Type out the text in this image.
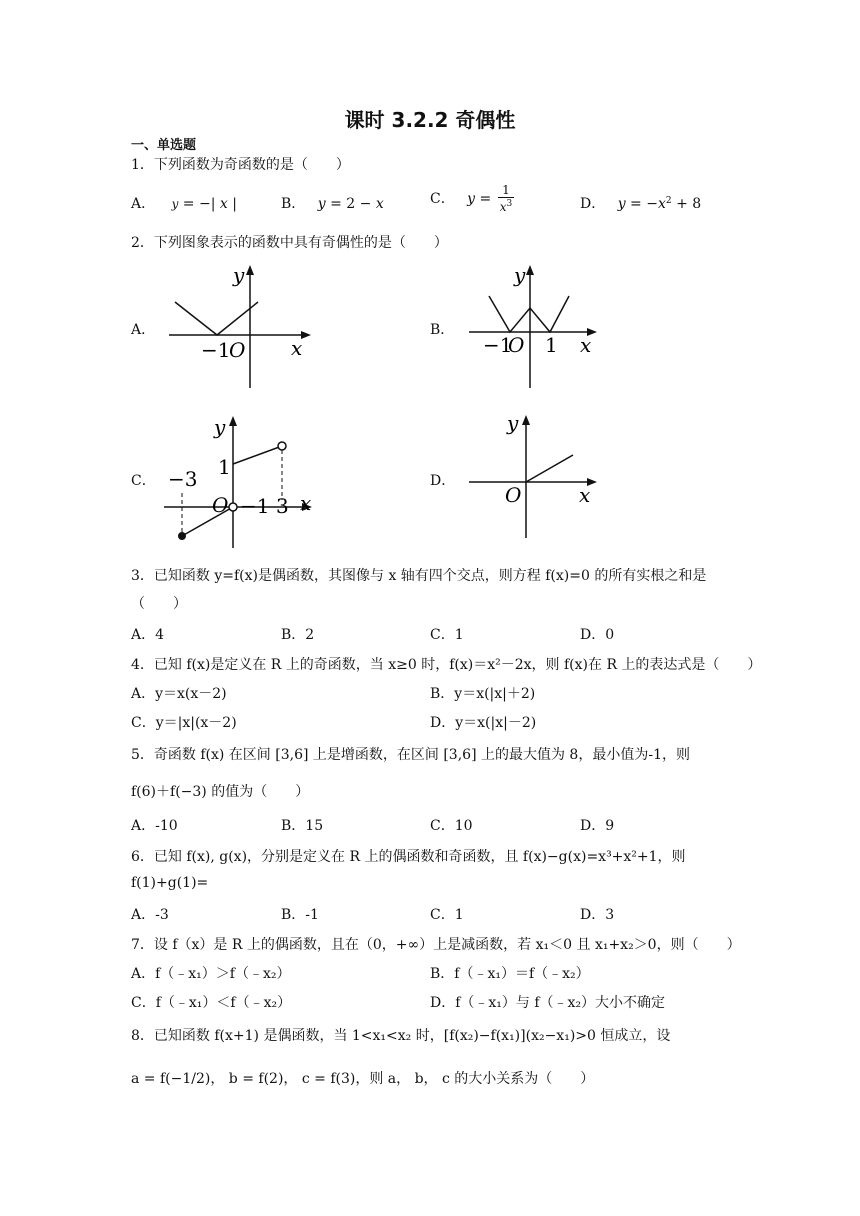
课时 3.2.2 奇偶性
一、单选题
1．下列函数为奇函数的是（　　）
A． y = −| x |	B． y = 2 − x	C． $y = \frac{1}{x^3}$	D． $y = -x^2 + 8$
2．下列图象表示的函数中具有奇偶性的是（　　）
A．
y
x
−1
O
B．
y
x
−1
O 1
C．
y
x
−3 1
O −1 3
D．
y
x
O
3．已知函数 y=f(x)是偶函数，其图像与 x 轴有四个交点，则方程 f(x)=0 的所有实根之和是
（　　）
A．4	B．2	C．1	D．0
4．已知 f(x)是定义在 R 上的奇函数，当 x≥0 时，f(x)＝x²－2x，则 f(x)在 R 上的表达式是（　　）
A．y＝x(x－2)	B．y＝x(|x|＋2)
C．y＝|x|(x－2)	D．y＝x(|x|－2)
5．奇函数 f(x) 在区间 [3,6] 上是增函数，在区间 [3,6] 上的最大值为 8，最小值为-1，则
f(6)＋f(−3) 的值为（　　）
A．-10	B．15	C．10	D．9
6．已知 f(x), g(x)，分别是定义在 R 上的偶函数和奇函数，且 f(x)−g(x)=x³+x²+1，则
f(1)+g(1)=
A．-3	B．-1	C．1	D．3
7．设 f（x）是 R 上的偶函数，且在（0，+∞）上是减函数，若 x₁＜0 且 x₁+x₂＞0，则（　　）
A．f（﹣x₁）＞f（﹣x₂）	B．f（﹣x₁）＝f（﹣x₂）
C．f（﹣x₁）＜f（﹣x₂）	D．f（﹣x₁）与 f（﹣x₂）大小不确定
8．已知函数 f(x+1) 是偶函数，当 1<x₁<x₂ 时，[f(x₂)−f(x₁)](x₂−x₁)>0 恒成立，设
a = f(−1/2)， b = f(2)， c = f(3)，则 a， b， c 的大小关系为（　　）
